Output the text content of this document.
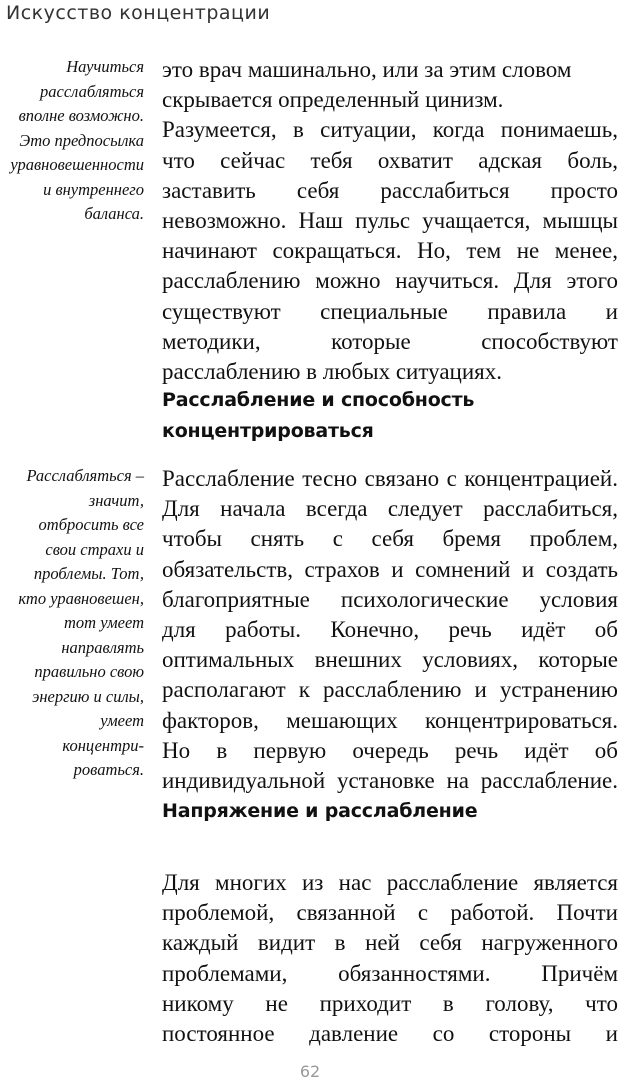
Искусство концентрации
Научиться
расслабляться
вполне возможно.
Это предпосылка
уравновешенности
и внутреннего
баланса.
это врач машинально, или за этим словом
скрывается определенный цинизм.
Разумеется, в ситуации, когда понимаешь,
что сейчас тебя охватит адская боль,
заставить себя расслабиться просто
невозможно. Наш пульс учащается, мышцы
начинают сокращаться. Но, тем не менее,
расслаблению можно научиться. Для этого
существуют специальные правила и
методики, которые способствуют
расслаблению в любых ситуациях.
Расслабление и способность
концентрироваться
Расслабляться –
значит,
отбросить все
свои страхи и
проблемы. Тот,
кто уравновешен,
тот умеет
направлять
правильно свою
энергию и силы,
умеет
концентри-
роваться.
Расслабление тесно связано с концентрацией.
Для начала всегда следует расслабиться,
чтобы снять с себя бремя проблем,
обязательств, страхов и сомнений и создать
благоприятные психологические условия
для работы. Конечно, речь идёт об
оптимальных внешних условиях, которые
располагают к расслаблению и устранению
факторов, мешающих концентрироваться.
Но в первую очередь речь идёт об
индивидуальной установке на расслабление.
Напряжение и расслабление
Для многих из нас расслабление является
проблемой, связанной с работой. Почти
каждый видит в ней себя нагруженного
проблемами, обязанностями. Причём
никому не приходит в голову, что
постоянное давление со стороны и
62
